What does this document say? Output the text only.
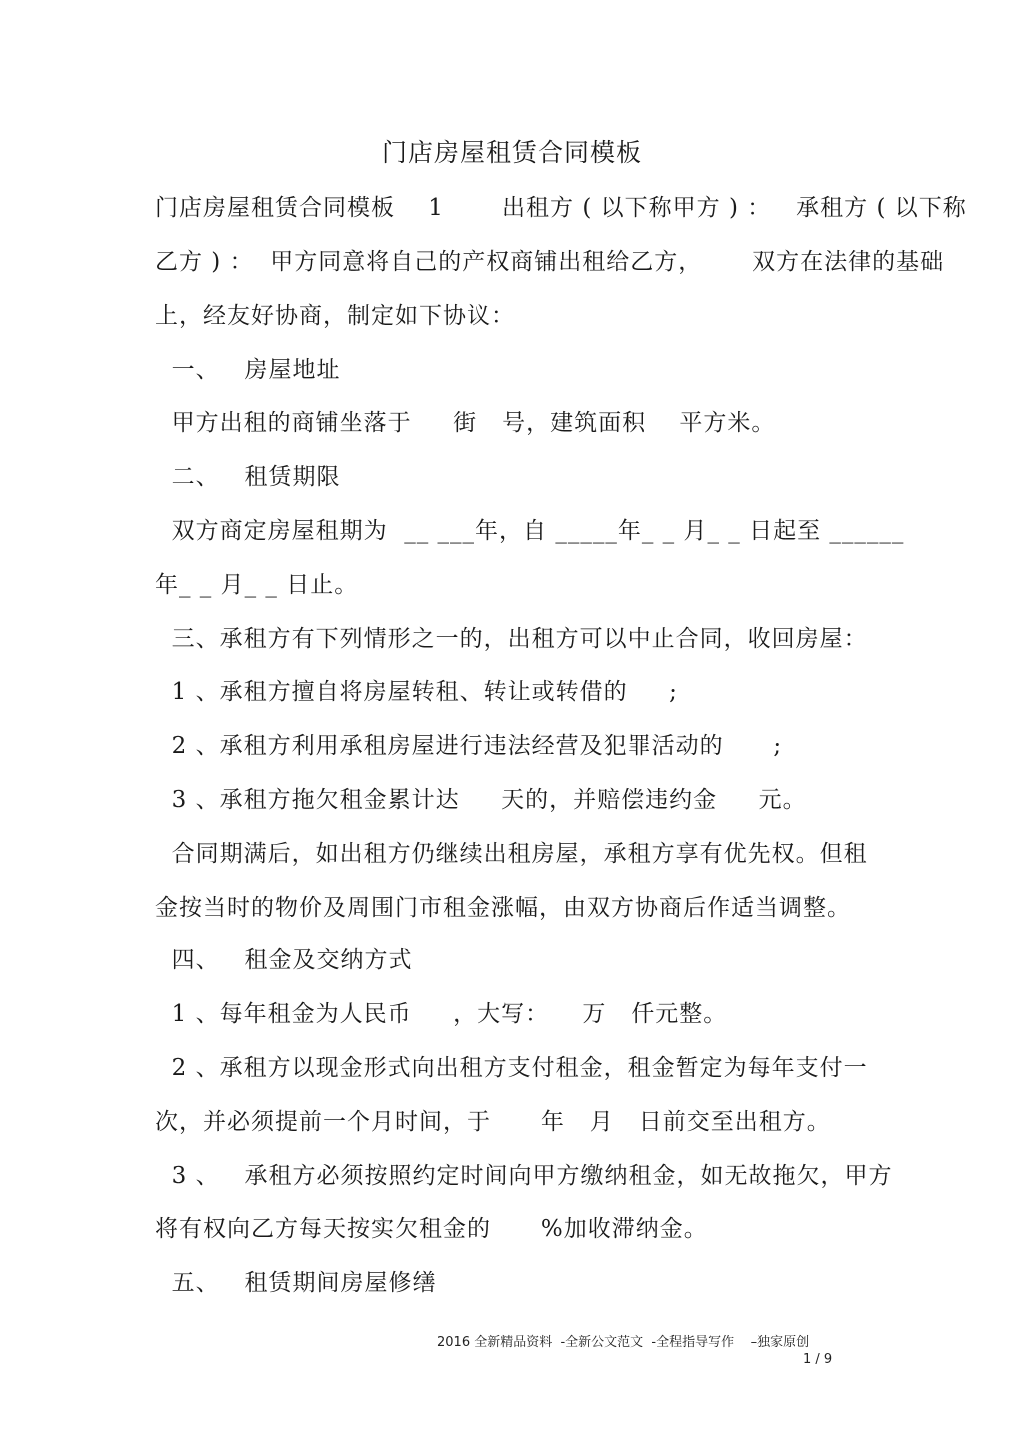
门店房屋租赁合同模板
门店房屋租赁合同模板    1       出租方 ( 以下称甲方 ) ：   承租方 ( 以下称
乙方 ) ：  甲方同意将自己的产权商铺出租给乙方，      双方在法律的基础
上，经友好协商，制定如下协议：
一、   房屋地址
甲方出租的商铺坐落于     街   号，建筑面积    平方米。
二、   租赁期限
双方商定房屋租期为  __ ___年，自 _____年_ _ 月_ _ 日起至 ______
年_ _ 月_ _ 日止。
三、承租方有下列情形之一的，出租方可以中止合同，收回房屋：
1 、承租方擅自将房屋转租、转让或转借的     ;
2 、承租方利用承租房屋进行违法经营及犯罪活动的      ;
3 、承租方拖欠租金累计达     天的，并赔偿违约金     元。
合同期满后，如出租方仍继续出租房屋，承租方享有优先权。但租
金按当时的物价及周围门市租金涨幅，由双方协商后作适当调整。
四、   租金及交纳方式
1 、每年租金为人民币     ，大写：    万   仟元整。
2 、承租方以现金形式向出租方支付租金，租金暂定为每年支付一
次，并必须提前一个月时间，于      年   月   日前交至出租方。
3 、   承租方必须按照约定时间向甲方缴纳租金，如无故拖欠，甲方
将有权向乙方每天按实欠租金的      %加收滞纳金。
五、   租赁期间房屋修缮
2016 全新精品资料  -全新公文范文  -全程指导写作    –独家原创
1 / 9
